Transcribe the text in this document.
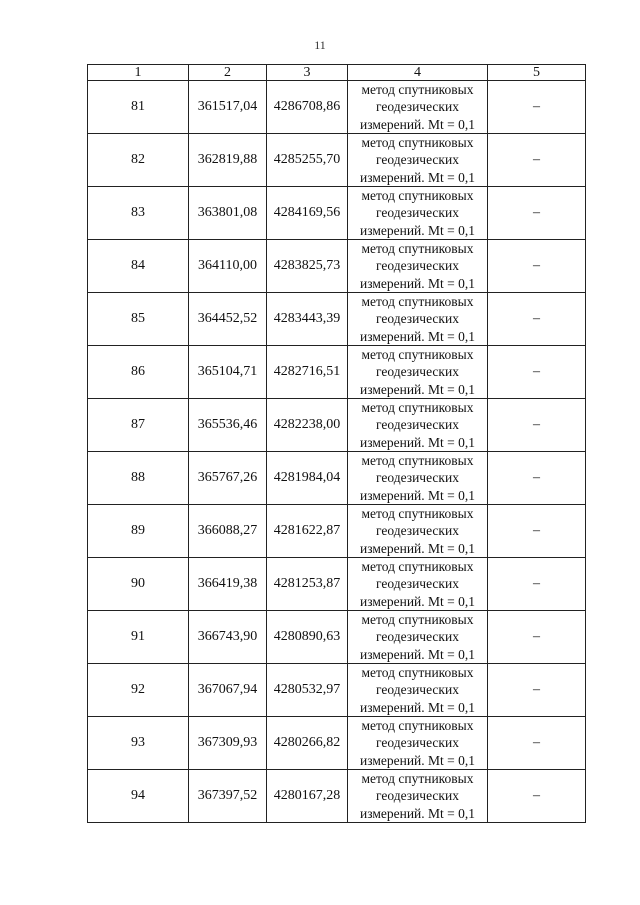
11
1	2	3	4	5
81	361517,04	4286708,86	метод спутниковых
геодезических
измерений. Mt = 0,1	–
82	362819,88	4285255,70	метод спутниковых
геодезических
измерений. Mt = 0,1	–
83	363801,08	4284169,56	метод спутниковых
геодезических
измерений. Mt = 0,1	–
84	364110,00	4283825,73	метод спутниковых
геодезических
измерений. Mt = 0,1	–
85	364452,52	4283443,39	метод спутниковых
геодезических
измерений. Mt = 0,1	–
86	365104,71	4282716,51	метод спутниковых
геодезических
измерений. Mt = 0,1	–
87	365536,46	4282238,00	метод спутниковых
геодезических
измерений. Mt = 0,1	–
88	365767,26	4281984,04	метод спутниковых
геодезических
измерений. Mt = 0,1	–
89	366088,27	4281622,87	метод спутниковых
геодезических
измерений. Mt = 0,1	–
90	366419,38	4281253,87	метод спутниковых
геодезических
измерений. Mt = 0,1	–
91	366743,90	4280890,63	метод спутниковых
геодезических
измерений. Mt = 0,1	–
92	367067,94	4280532,97	метод спутниковых
геодезических
измерений. Mt = 0,1	–
93	367309,93	4280266,82	метод спутниковых
геодезических
измерений. Mt = 0,1	–
94	367397,52	4280167,28	метод спутниковых
геодезических
измерений. Mt = 0,1	–
